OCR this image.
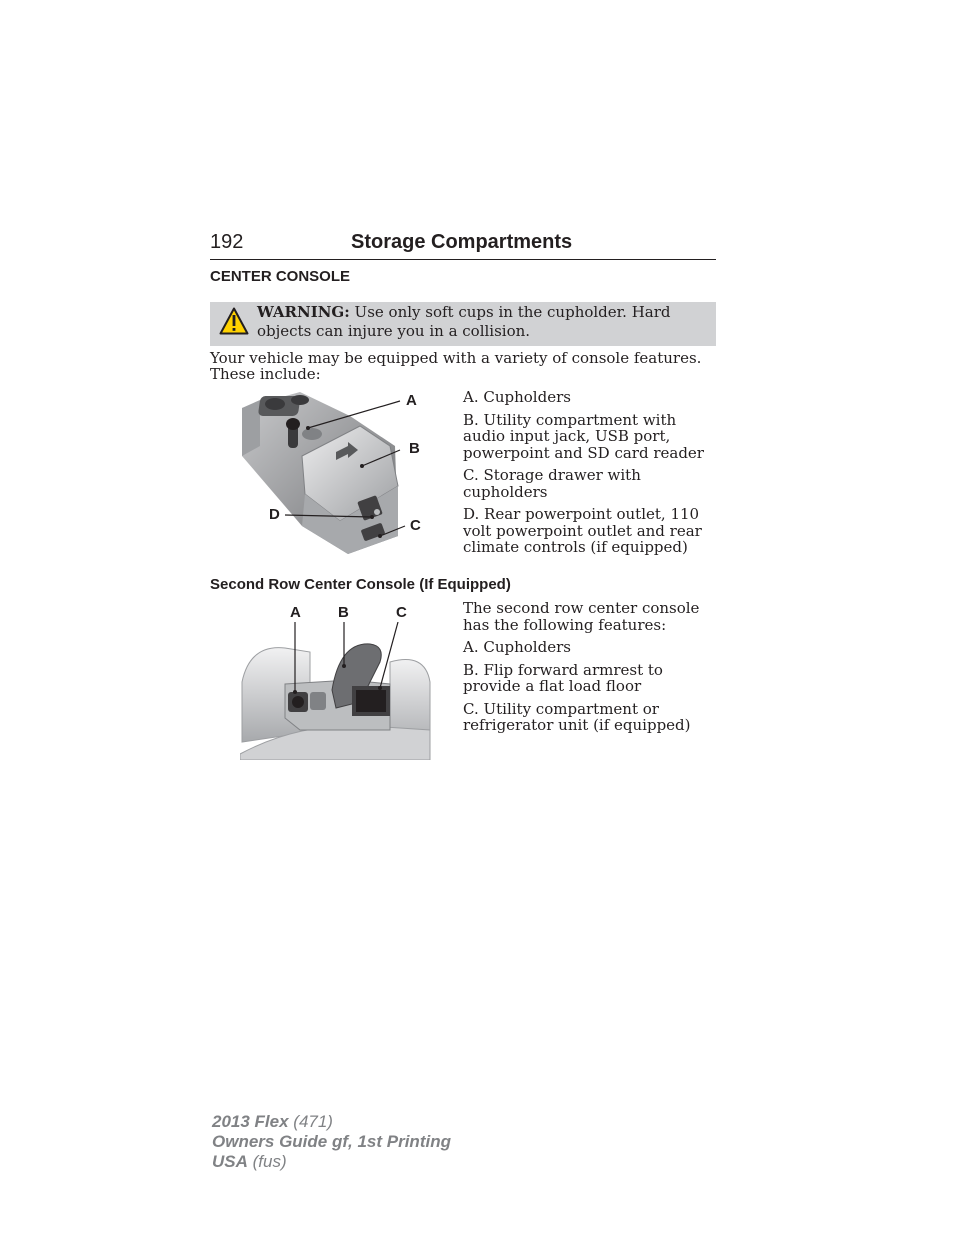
192	Storage Compartments
CENTER CONSOLE
WARNING: Use only soft cups in the cupholder. Hard objects can injure you in a collision.
Your vehicle may be equipped with a variety of console features. These include:
A
B
D
C

A. Cupholders

B. Utility compartment with audio input jack, USB port, powerpoint and SD card reader

C. Storage drawer with cupholders

D. Rear powerpoint outlet, 110 volt powerpoint outlet and rear climate controls (if equipped)

Second Row Center Console (If Equipped)
A B	C	The second row center console has the following features:

A. Cupholders

B. Flip forward armrest to provide a flat load floor

C. Utility compartment or refrigerator unit (if equipped)

2013 Flex (471)
Owners Guide gf, 1st Printing
USA (fus)
